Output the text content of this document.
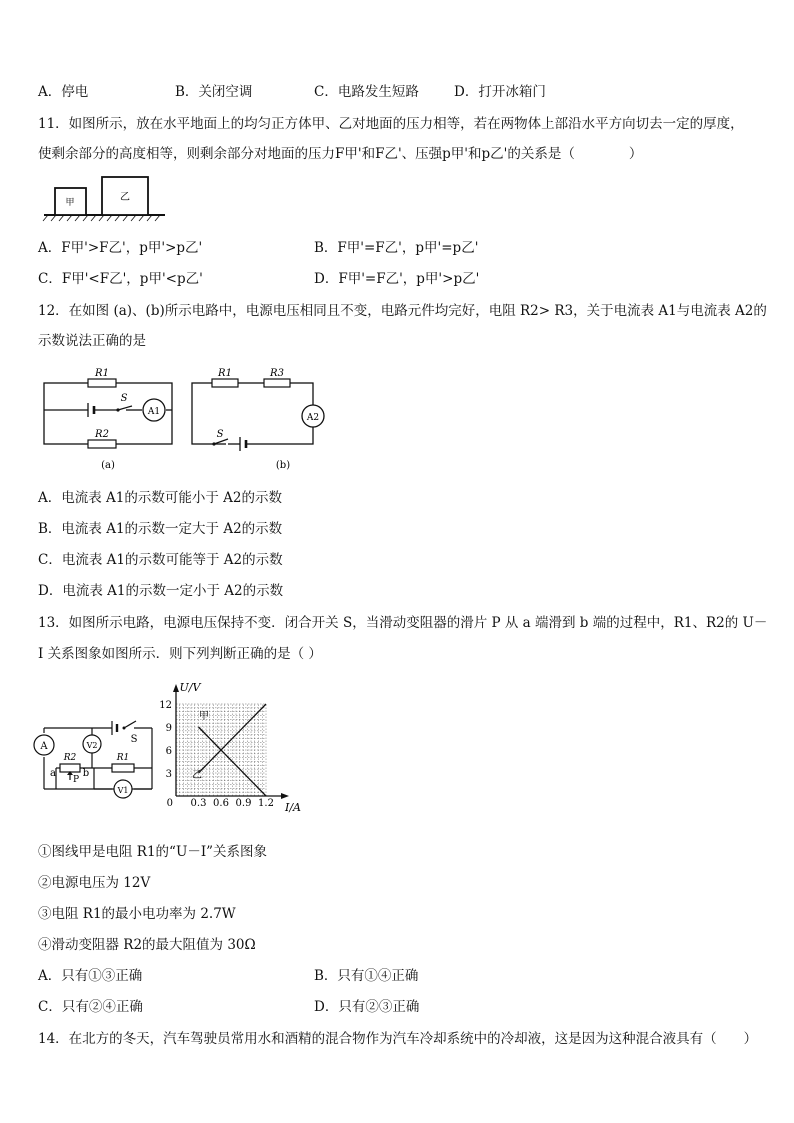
A．停电	B．关闭空调	C．电路发生短路	D．打开冰箱门
11．如图所示，放在水平地面上的均匀正方体甲、乙对地面的压力相等，若在两物体上部沿水平方向切去一定的厚度，
使剩余部分的高度相等，则剩余部分对地面的压力F甲'和F乙'、压强p甲'和p乙'的关系是（　　　　）
甲	乙
A．F甲'>F乙'，p甲'>p乙'	B．F甲'=F乙'，p甲'=p乙'
C．F甲'<F乙'，p甲'<p乙'	D．F甲'=F乙'，p甲'>p乙'
12．在如图 (a)、(b)所示电路中，电源电压相同且不变，电路元件均完好，电阻 R2> R3，关于电流表 A1与电流表 A2的
示数说法正确的是
R1
R2
S
A1
(a)
R1	R3
S
A2
(b)
A．电流表 A1的示数可能小于 A2的示数
B．电流表 A1的示数一定大于 A2的示数
C．电流表 A1的示数可能等于 A2的示数
D．电流表 A1的示数一定小于 A2的示数
13．如图所示电路，电源电压保持不变．闭合开关 S，当滑动变阻器的滑片 P 从 a 端滑到 b 端的过程中，R1、R2的 U－
I 关系图象如图所示．则下列判断正确的是（ ）
A	V2
V1
R2	R1
S
a	b
P
0.3 0.6 0.9 1.2
3
6
9
12
U/V
I/A
0
甲
乙
①图线甲是电阻 R1的“U－I”关系图象
②电源电压为 12V
③电阻 R1的最小电功率为 2.7W
④滑动变阻器 R2的最大阻值为 30Ω
A．只有①③正确	B．只有①④正确
C．只有②④正确	D．只有②③正确
14．在北方的冬天，汽车驾驶员常用水和酒精的混合物作为汽车冷却系统中的冷却液，这是因为这种混合液具有（　　）
